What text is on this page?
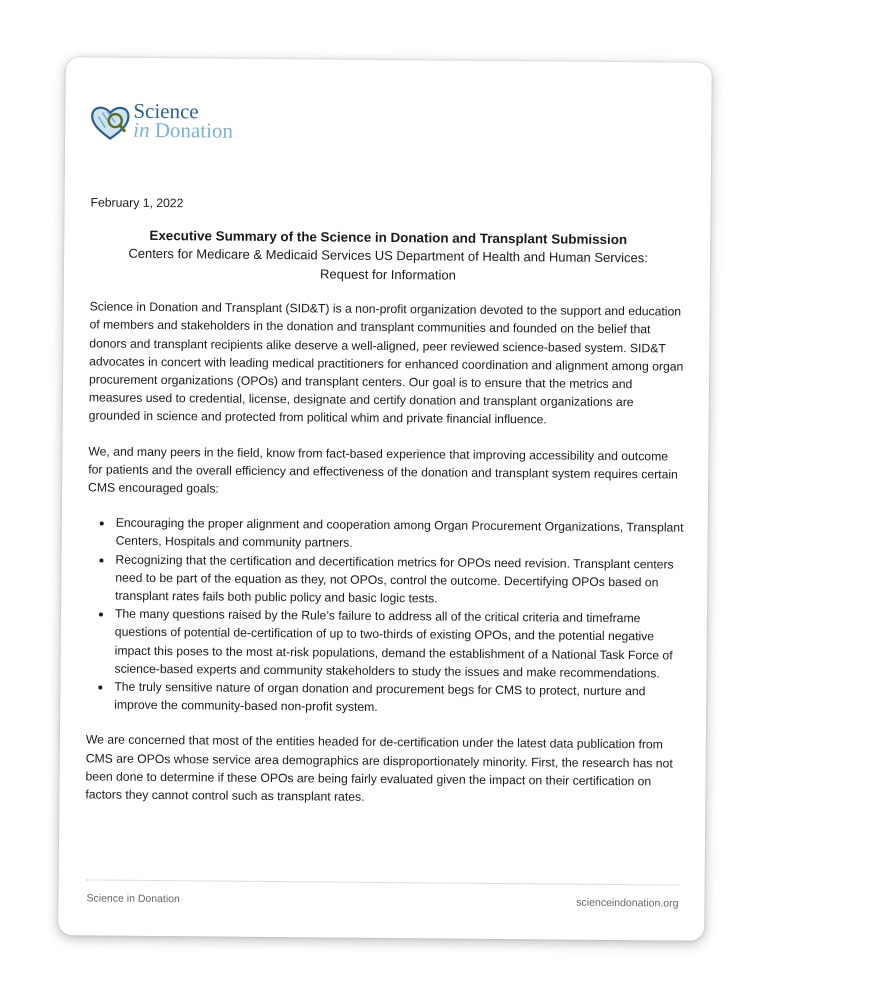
Science
in Donation
February 1, 2022
Executive Summary of the Science in Donation and Transplant Submission
Centers for Medicare & Medicaid Services US Department of Health and Human Services:
Request for Information

Science in Donation and Transplant (SID&T) is a non-profit organization devoted to the support and education of members and stakeholders in the donation and transplant communities and founded on the belief that donors and transplant recipients alike deserve a well-aligned, peer reviewed science-based system. SID&T advocates in concert with leading medical practitioners for enhanced coordination and alignment among organ procurement organizations (OPOs) and transplant centers. Our goal is to ensure that the metrics and measures used to credential, license, designate and certify donation and transplant organizations are grounded in science and protected from political whim and private financial influence.

We, and many peers in the field, know from fact-based experience that improving accessibility and outcome for patients and the overall efficiency and effectiveness of the donation and transplant system requires certain CMS encouraged goals:

• Encouraging the proper alignment and cooperation among Organ Procurement Organizations, Transplant Centers, Hospitals and community partners.
• Recognizing that the certification and decertification metrics for OPOs need revision. Transplant centers need to be part of the equation as they, not OPOs, control the outcome. Decertifying OPOs based on transplant rates fails both public policy and basic logic tests.
• The many questions raised by the Rule’s failure to address all of the critical criteria and timeframe questions of potential de-certification of up to two-thirds of existing OPOs, and the potential negative impact this poses to the most at-risk populations, demand the establishment of a National Task Force of science-based experts and community stakeholders to study the issues and make recommendations.
• The truly sensitive nature of organ donation and procurement begs for CMS to protect, nurture and improve the community-based non-profit system.

We are concerned that most of the entities headed for de-certification under the latest data publication from CMS are OPOs whose service area demographics are disproportionately minority. First, the research has not been done to determine if these OPOs are being fairly evaluated given the impact on their certification on factors they cannot control such as transplant rates.

Science in Donation	scienceindonation.org
